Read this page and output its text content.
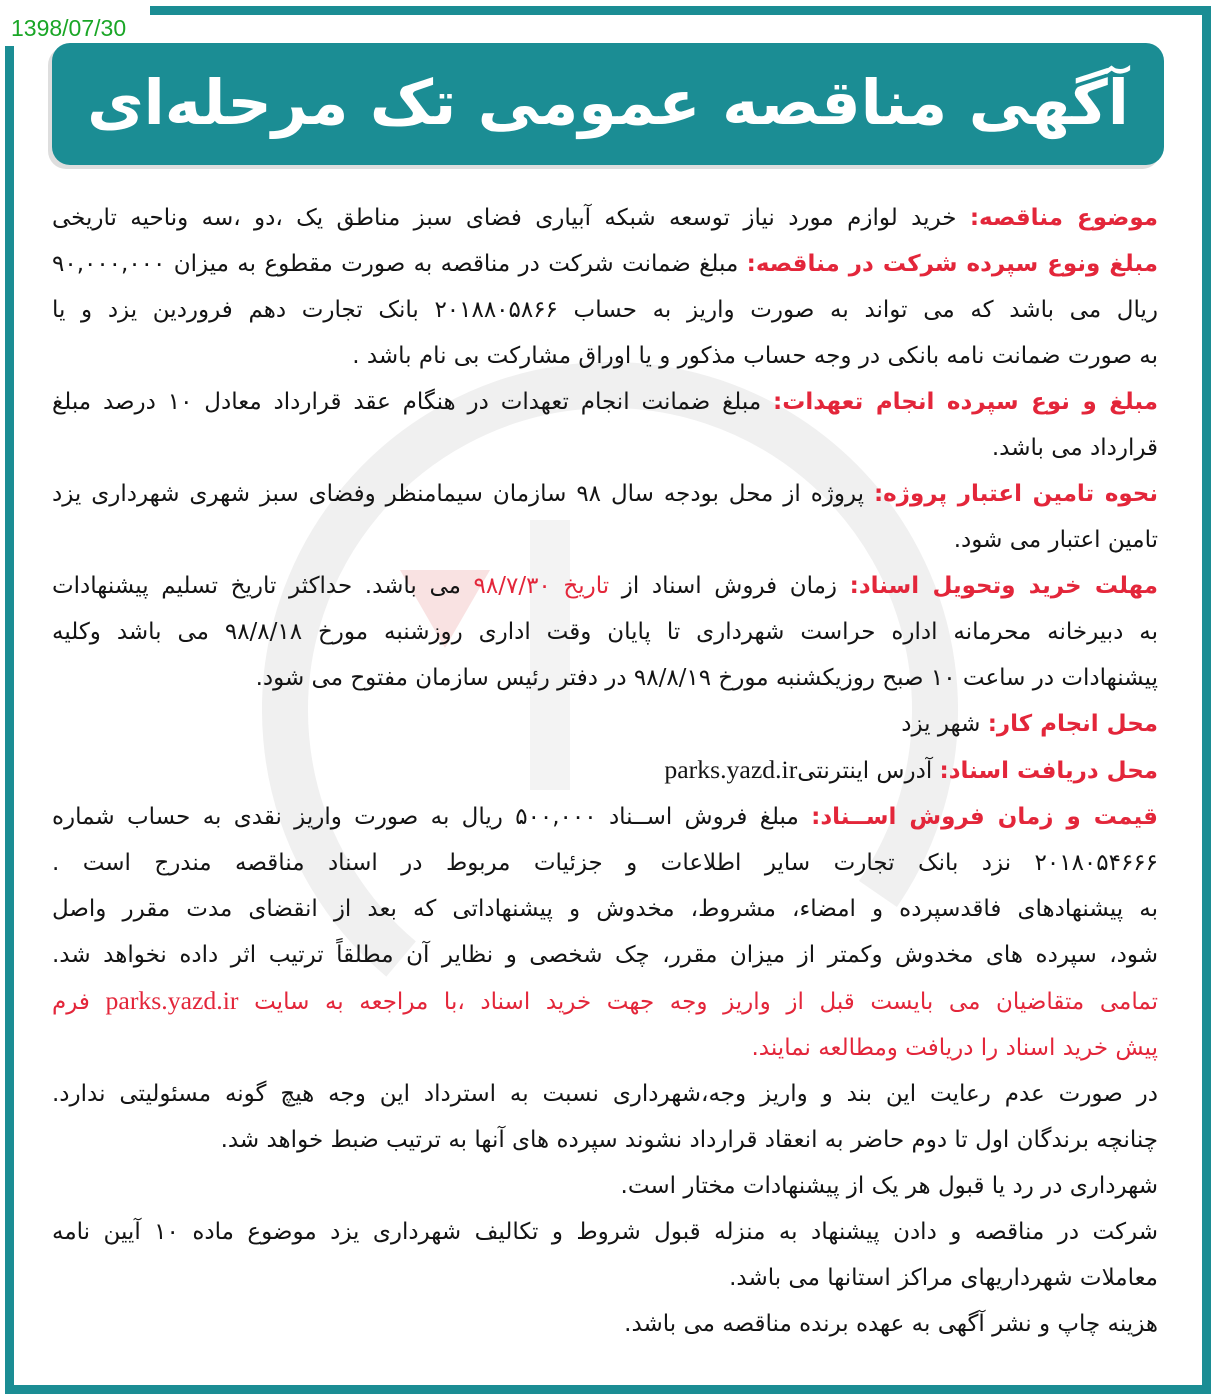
1398/07/30
آگهی مناقصه عمومی تک مرحله‌ای
موضوع مناقصه: خرید لوازم مورد نیاز توسعه شبکه آبیاری فضای سبز مناطق یک ،دو ،سه وناحیه تاریخی
مبلغ ونوع سپرده شرکت در مناقصه: مبلغ ضمانت شرکت در مناقصه به صورت مقطوع به میزان ۹۰,۰۰۰,۰۰۰
ریال می باشد که می تواند به صورت واریز به حساب ۲۰۱۸۸۰۵۸۶۶ بانک تجارت دهم فروردین یزد و یا
به صورت ضمانت نامه بانکی در وجه حساب مذکور و یا اوراق مشارکت بی نام باشد .
مبلغ و نوع سپرده انجام تعهدات: مبلغ ضمانت انجام تعهدات در هنگام عقد قرارداد معادل ۱۰ درصد مبلغ
قرارداد می باشد.
نحوه تامین اعتبار پروژه: پروژه از محل بودجه سال ۹۸ سازمان سیمامنظر وفضای سبز شهری شهرداری یزد
تامین اعتبار می شود.
مهلت خرید وتحویل اسناد: زمان فروش اسناد از تاریخ ۹۸/۷/۳۰ می باشد. حداکثر تاریخ تسلیم پیشنهادات
به دبیرخانه محرمانه اداره حراست شهرداری تا پایان وقت اداری روزشنبه مورخ ۹۸/۸/۱۸ می باشد وکلیه
پیشنهادات در ساعت ۱۰ صبح روزیکشنبه مورخ ۹۸/۸/۱۹ در دفتر رئیس سازمان مفتوح می شود.
محل انجام کار: شهر یزد
محل دریافت اسناد: آدرس اینترنتیparks.yazd.ir
قیمت و زمان فروش اســناد: مبلغ فروش اســناد ۵۰۰,۰۰۰ ریال به صورت واریز نقدی به حساب شماره
۲۰۱۸۰۵۴۶۶۶ نزد بانک تجارت سایر اطلاعات و جزئیات مربوط در اسناد مناقصه مندرج است .
به پیشنهادهای فاقدسپرده و امضاء، مشروط، مخدوش و پیشنهاداتی که بعد از انقضای مدت مقرر واصل
شود، سپرده های مخدوش وکمتر از میزان مقرر، چک شخصی و نظایر آن مطلقاً ترتیب اثر داده نخواهد شد.
تمامی متقاضیان می بایست قبل از واریز وجه جهت خرید اسناد ،با مراجعه به سایت parks.yazd.ir فرم
پیش خرید اسناد را دریافت ومطالعه نمایند.
در صورت عدم رعایت این بند و واریز وجه،شهرداری نسبت به استرداد این وجه هیچ گونه مسئولیتی ندارد.
چنانچه برندگان اول تا دوم حاضر به انعقاد قرارداد نشوند سپرده های آنها به ترتیب ضبط خواهد شد.
شهرداری در رد یا قبول هر یک از پیشنهادات مختار است.
شرکت در مناقصه و دادن پیشنهاد به منزله قبول شروط و تکالیف شهرداری یزد موضوع ماده ۱۰ آیین نامه
معاملات شهرداریهای مراکز استانها می باشد.
هزینه چاپ و نشر آگهی به عهده برنده مناقصه می باشد.
